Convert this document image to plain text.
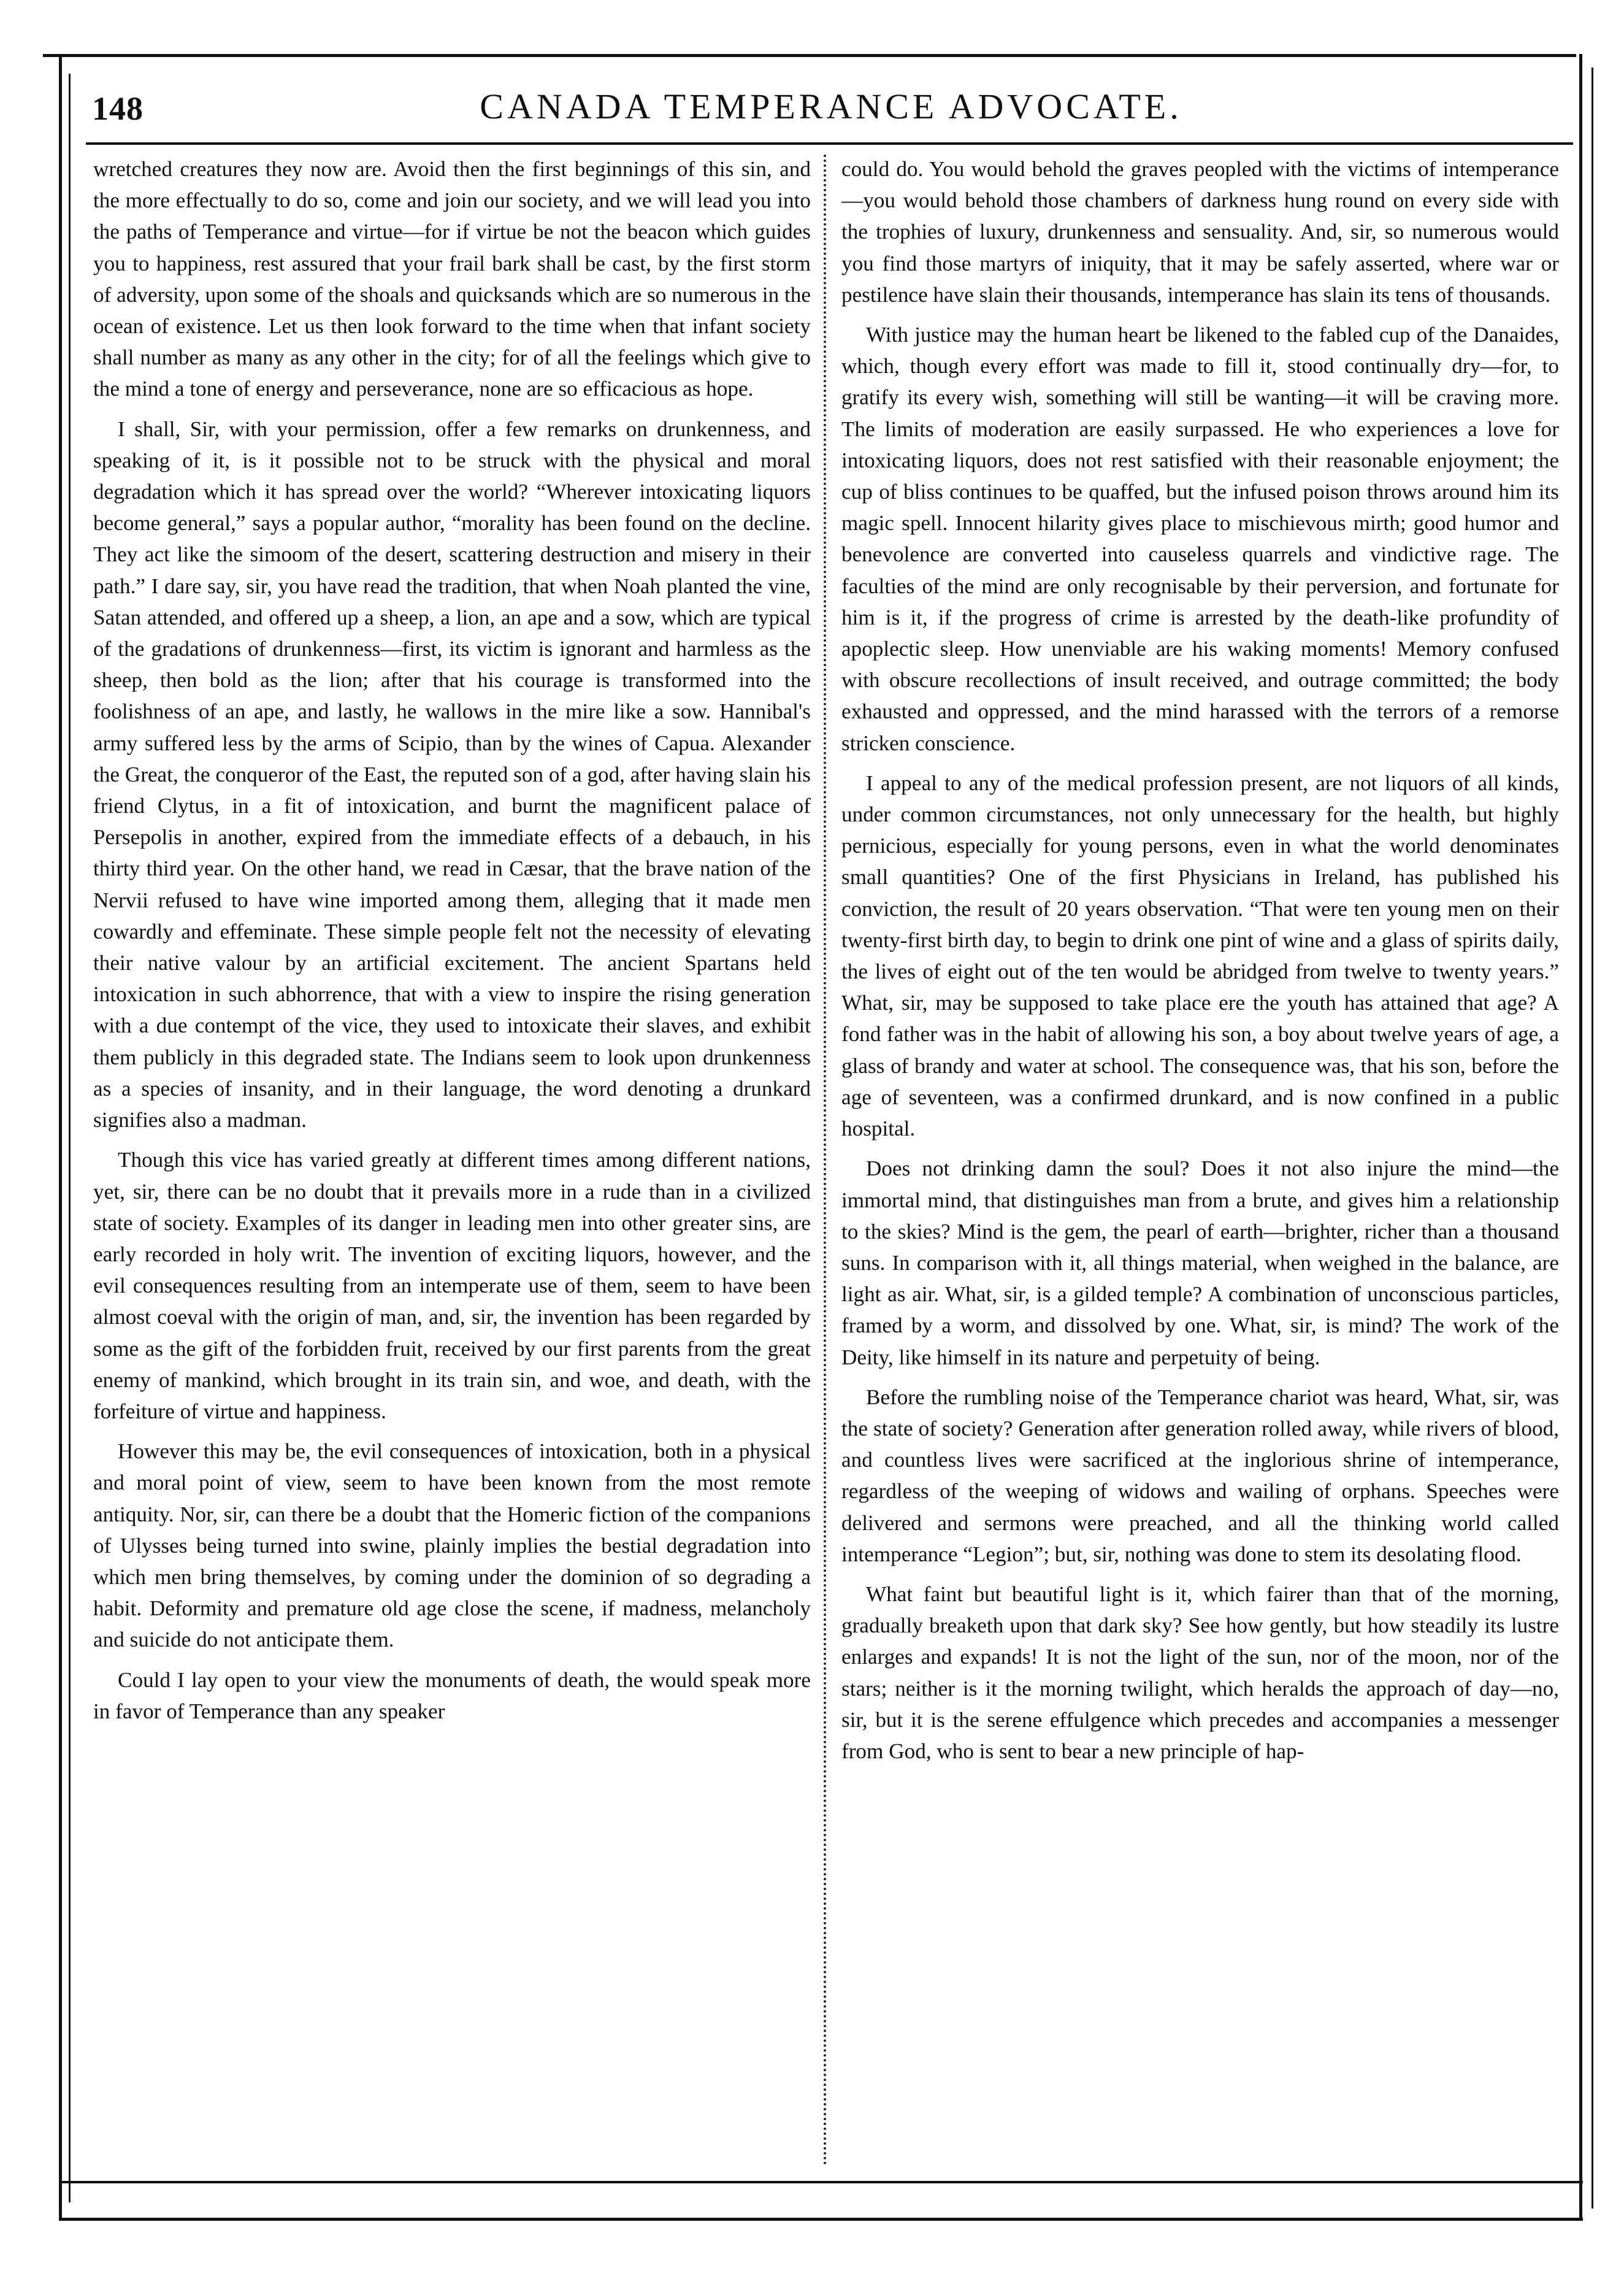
148	CANADA TEMPERANCE ADVOCATE.

wretched creatures they now are. Avoid then the first beginnings of this sin, and the more effectually to do so, come and join our society, and we will lead you into the paths of Temperance and virtue—for if virtue be not the beacon which guides you to happiness, rest assured that your frail bark shall be cast, by the first storm of adversity, upon some of the shoals and quicksands which are so numerous in the ocean of existence. Let us then look forward to the time when that infant society shall number as many as any other in the city; for of all the feelings which give to the mind a tone of energy and perseverance, none are so efficacious as hope.

I shall, Sir, with your permission, offer a few remarks on drunkenness, and speaking of it, is it possible not to be struck with the physical and moral degradation which it has spread over the world? “Wherever intoxicating liquors become general,” says a popular author, “morality has been found on the decline. They act like the simoom of the desert, scattering destruction and misery in their path.” I dare say, sir, you have read the tradition, that when Noah planted the vine, Satan attended, and offered up a sheep, a lion, an ape and a sow, which are typical of the gradations of drunkenness—first, its victim is ignorant and harmless as the sheep, then bold as the lion; after that his courage is transformed into the foolishness of an ape, and lastly, he wallows in the mire like a sow. Hannibal's army suffered less by the arms of Scipio, than by the wines of Capua. Alexander the Great, the conqueror of the East, the reputed son of a god, after having slain his friend Clytus, in a fit of intoxication, and burnt the magnificent palace of Persepolis in another, expired from the immediate effects of a debauch, in his thirty third year. On the other hand, we read in Cæsar, that the brave nation of the Nervii refused to have wine imported among them, alleging that it made men cowardly and effeminate. These simple people felt not the necessity of elevating their native valour by an artificial excitement. The ancient Spartans held intoxication in such abhorrence, that with a view to inspire the rising generation with a due contempt of the vice, they used to intoxicate their slaves, and exhibit them publicly in this degraded state. The Indians seem to look upon drunkenness as a species of insanity, and in their language, the word denoting a drunkard signifies also a madman.

Though this vice has varied greatly at different times among different nations, yet, sir, there can be no doubt that it prevails more in a rude than in a civilized state of society. Examples of its danger in leading men into other greater sins, are early recorded in holy writ. The invention of exciting liquors, however, and the evil consequences resulting from an intemperate use of them, seem to have been almost coeval with the origin of man, and, sir, the invention has been regarded by some as the gift of the forbidden fruit, received by our first parents from the great enemy of mankind, which brought in its train sin, and woe, and death, with the forfeiture of virtue and happiness.

However this may be, the evil consequences of intoxication, both in a physical and moral point of view, seem to have been known from the most remote antiquity. Nor, sir, can there be a doubt that the Homeric fiction of the companions of Ulysses being turned into swine, plainly implies the bestial degradation into which men bring themselves, by coming under the dominion of so degrading a habit. Deformity and premature old age close the scene, if madness, melancholy and suicide do not anticipate them.

Could I lay open to your view the monuments of death, the would speak more in favor of Temperance than any speaker

could do. You would behold the graves peopled with the victims of intemperance—you would behold those chambers of darkness hung round on every side with the trophies of luxury, drunkenness and sensuality. And, sir, so numerous would you find those martyrs of iniquity, that it may be safely asserted, where war or pestilence have slain their thousands, intemperance has slain its tens of thousands.

With justice may the human heart be likened to the fabled cup of the Danaides, which, though every effort was made to fill it, stood continually dry—for, to gratify its every wish, something will still be wanting—it will be craving more. The limits of moderation are easily surpassed. He who experiences a love for intoxicating liquors, does not rest satisfied with their reasonable enjoyment; the cup of bliss continues to be quaffed, but the infused poison throws around him its magic spell. Innocent hilarity gives place to mischievous mirth; good humor and benevolence are converted into causeless quarrels and vindictive rage. The faculties of the mind are only recognisable by their perversion, and fortunate for him is it, if the progress of crime is arrested by the death-like profundity of apoplectic sleep. How unenviable are his waking moments! Memory confused with obscure recollections of insult received, and outrage committed; the body exhausted and oppressed, and the mind harassed with the terrors of a remorse stricken conscience.

I appeal to any of the medical profession present, are not liquors of all kinds, under common circumstances, not only unnecessary for the health, but highly pernicious, especially for young persons, even in what the world denominates small quantities? One of the first Physicians in Ireland, has published his conviction, the result of 20 years observation. “That were ten young men on their twenty-first birth day, to begin to drink one pint of wine and a glass of spirits daily, the lives of eight out of the ten would be abridged from twelve to twenty years.” What, sir, may be supposed to take place ere the youth has attained that age? A fond father was in the habit of allowing his son, a boy about twelve years of age, a glass of brandy and water at school. The consequence was, that his son, before the age of seventeen, was a confirmed drunkard, and is now confined in a public hospital.

Does not drinking damn the soul? Does it not also injure the mind—the immortal mind, that distinguishes man from a brute, and gives him a relationship to the skies? Mind is the gem, the pearl of earth—brighter, richer than a thousand suns. In comparison with it, all things material, when weighed in the balance, are light as air. What, sir, is a gilded temple? A combination of unconscious particles, framed by a worm, and dissolved by one. What, sir, is mind? The work of the Deity, like himself in its nature and perpetuity of being.

Before the rumbling noise of the Temperance chariot was heard, What, sir, was the state of society? Generation after generation rolled away, while rivers of blood, and countless lives were sacrificed at the inglorious shrine of intemperance, regardless of the weeping of widows and wailing of orphans. Speeches were delivered and sermons were preached, and all the thinking world called intemperance “Legion”; but, sir, nothing was done to stem its desolating flood.

What faint but beautiful light is it, which fairer than that of the morning, gradually breaketh upon that dark sky? See how gently, but how steadily its lustre enlarges and expands! It is not the light of the sun, nor of the moon, nor of the stars; neither is it the morning twilight, which heralds the approach of day—no, sir, but it is the serene effulgence which precedes and accompanies a messenger from God, who is sent to bear a new principle of hap-
